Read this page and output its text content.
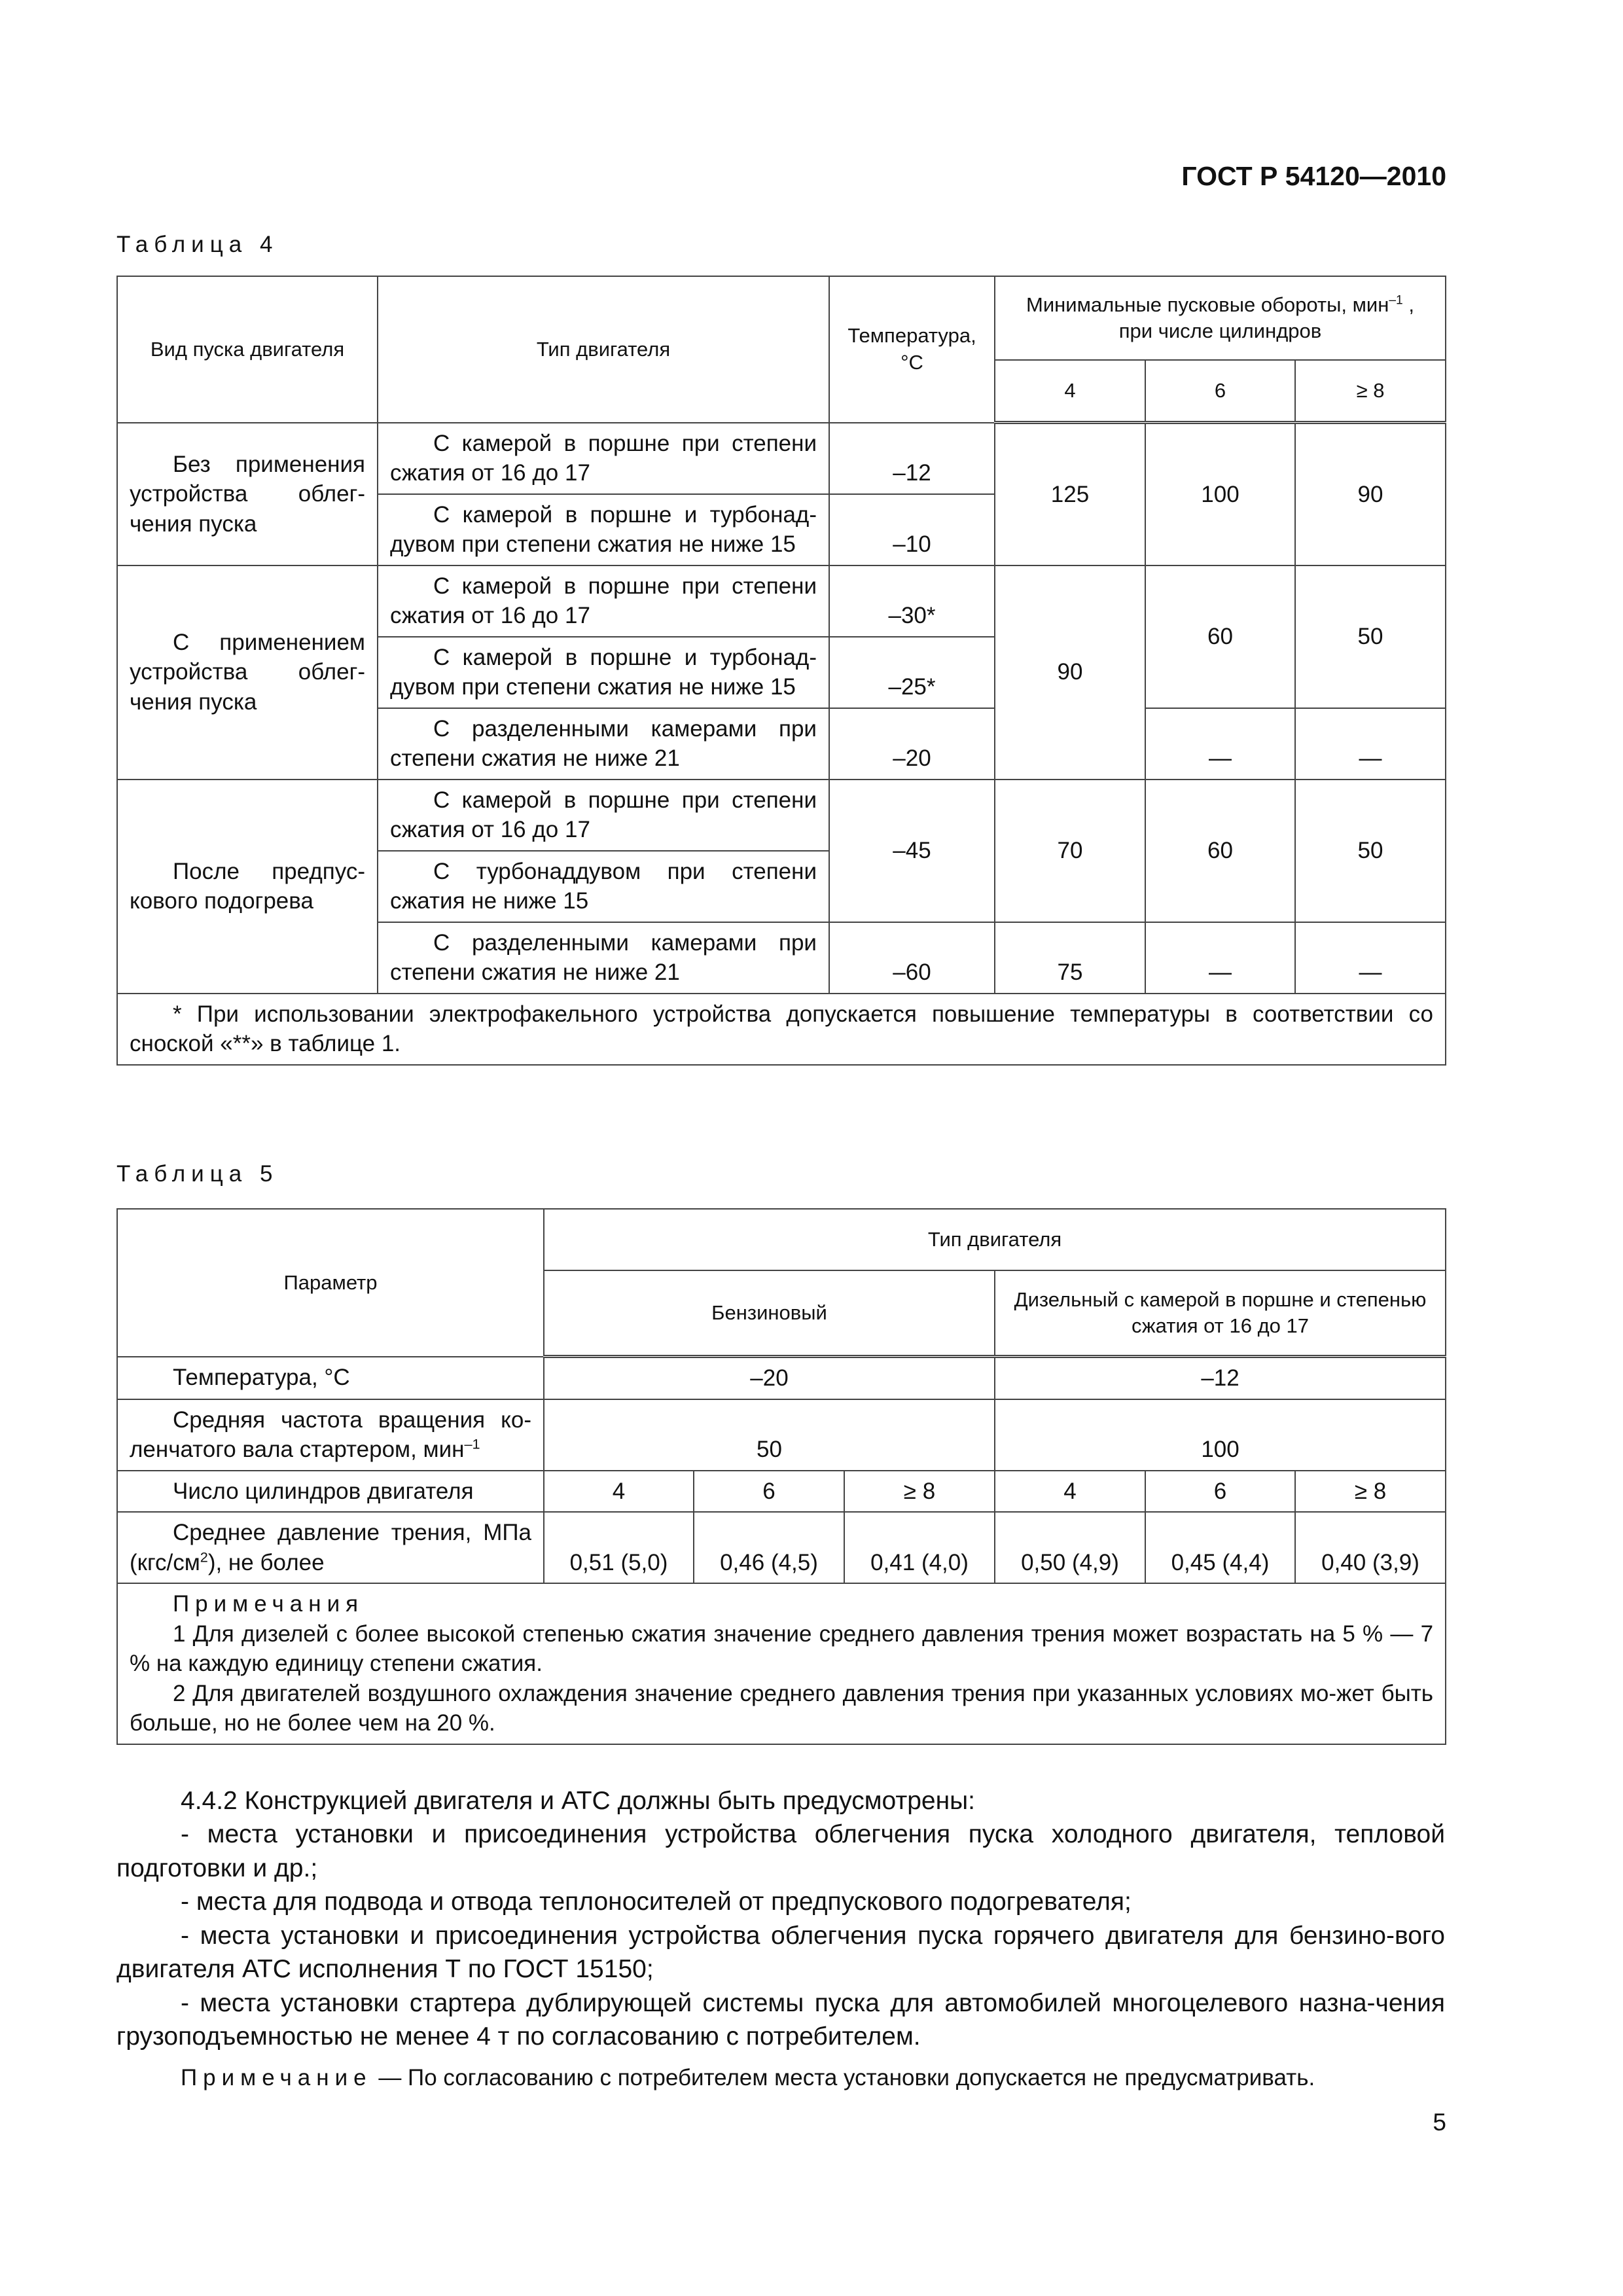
ГОСТ Р 54120—2010
Таблица 4
Вид пуска двигателя	Тип двигателя	Температура, °C	Минимальные пусковые обороты, мин$^{-1}$ , при числе цилиндров		
			4	6	≥ 8
Без применения устройства облег-чения пуска	С камерой в поршне при степени сжатия от 16 до 17	–12	125	100	90
	С камерой в поршне и турбонад-дувом при степени сжатия не ниже 15	–10			
С применением устройства облег-чения пуска	С камерой в поршне при степени сжатия от 16 до 17	–30*	90	60	50
	С камерой в поршне и турбонад-дувом при степени сжатия не ниже 15	–25*			
	С разделенными камерами при степени сжатия не ниже 21	–20		—	—
После предпус-кового подогрева	С камерой в поршне при степени сжатия от 16 до 17	–45	70	60	50
	С турбонаддувом при степени сжатия не ниже 15				
	С разделенными камерами при степени сжатия не ниже 21	–60	75	—	—
* При использовании электрофакельного устройства допускается повышение температуры в соответствии со сноской «**» в таблице 1.					
Таблица 5
Параметр	Тип двигателя					
	Бензиновый			Дизельный с камерой в поршне и степенью сжатия от 16 до 17		
Температура, °C	–20			–12		
Средняя частота вращения ко-ленчатого вала стартером, мин$^{-1}$	50			100		
Число цилиндров двигателя	4	6	≥ 8	4	6	≥ 8
Среднее давление трения, МПа $(кгс/см^2)$, не более	0,51 (5,0)	0,46 (4,5)	0,41 (4,0)	0,50 (4,9)	0,45 (4,4)	0,40 (3,9)

Примечания
1 Для дизелей с более высокой степенью сжатия значение среднего давления трения может возрастать на 5 % — 7 % на каждую единицу степени сжатия.
2 Для двигателей воздушного охлаждения значение среднего давления трения при указанных условиях мо-жет быть больше, но не более чем на 20 %.						

4.4.2 Конструкцией двигателя и АТС должны быть предусмотрены:

- места установки и присоединения устройства облегчения пуска холодного двигателя, тепловой подготовки и др.;

- места для подвода и отвода теплоносителей от предпускового подогревателя;

- места установки и присоединения устройства облегчения пуска горячего двигателя для бензино-вого двигателя АТС исполнения Т по ГОСТ 15150;

- места установки стартера дублирующей системы пуска для автомобилей многоцелевого назна-чения грузоподъемностью не менее 4 т по согласованию с потребителем.

Примечание — По согласованию с потребителем места установки допускается не предусматривать.

5
